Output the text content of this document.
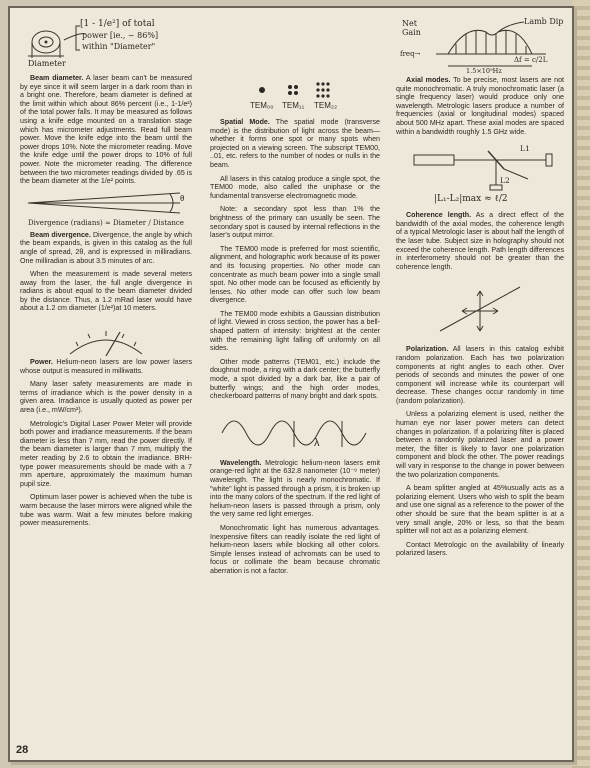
[1 - 1/e²] of total
power [ie., ~ 86%]
within "Diameter"
Diameter

Beam diameter. A laser beam can't be measured by eye since it will seem larger in a dark room than in a bright one. Therefore, beam diameter is defined at the limit within which about 86% percent (i.e., 1-1/e²) of the total power falls. It may be measured as follows using a knife edge mounted on a translation stage which has micrometer adjustments. Read full beam power. Move the knife edge into the beam until the power drops 10%. Note the micrometer reading. Move the knife edge until the power drops to 10% of full power. Note the micrometer reading. The difference between the two micrometer readings divided by .65 is the beam diameter at the 1/e² points.

θ
Divergence (radians) ≈ Diameter / Distance

Beam divergence. Divergence, the angle by which the beam expands, is given in this catalog as the full angle of spread, 2θ, and is expressed in milliradians. One milliradian is about 3.5 minutes of arc.

When the measurement is made several meters away from the laser, the full angle divergence in radians is about equal to the beam diameter divided by the distance. Thus, a 1.2 mRad laser would have about a 1.2 cm diameter (1/e²)at 10 meters.

Power. Helium-neon lasers are low power lasers whose output is measured in milliwatts.

Many laser safety measurements are made in terms of irradiance which is the power density in a given area. Irradiance is usually quoted as power per area (i.e., mW/cm²).

Metrologic's Digital Laser Power Meter will provide both power and irradiance measurements. If the beam diameter is less than 7 mm, read the power directly. If the beam diameter is larger than 7 mm, multiply the meter reading by 2.6 to obtain the irradiance. BRH-type power measurements should be made with a 7 mm aperture, approximately the maximum human pupil size.

Optimum laser power is achieved when the tube is warm because the laser mirrors were aligned while the tube was warm. Wait a few minutes before making power measurements.

TEM₀₀ TEM₁₁ TEM₂₂

Spatial Mode. The spatial mode (transverse mode) is the distribution of light across the beam—whether it forms one spot or many spots when projected on a viewing screen. The subscript TEM00, ..01, etc. refers to the number of nodes or nulls in the beam.

All lasers in this catalog produce a single spot, the TEM00 mode, also called the uniphase or the fundamental transverse electromagnetic mode.

Note: a secondary spot less than 1% the brightness of the primary can usually be seen. The secondary spot is caused by internal reflections in the laser's output mirror.

The TEM00 mode is preferred for most scientific, alignment, and holographic work because of its power and its focusing properties. No other mode can concentrate as much beam power into a single small spot. No other mode can be focused as efficiently by lenses. No other mode can offer such low beam divergence.

The TEM00 mode exhibits a Gaussian distribution of light. Viewed in cross section, the power has a bell-shaped pattern of intensity: brightest at the center with the remaining light falling off uniformly on all sides.

Other mode patterns (TEM01, etc.) include the doughnut mode, a ring with a dark center; the butterfly mode, a spot divided by a dark bar, like a pair of butterfly wings; and the high order modes, checkerboard patterns of many bright and dark spots.

λ

Wavelength. Metrologic helium-neon lasers emit orange-red light at the 632.8 nanometer (10⁻⁹ meter) wavelength. The light is nearly monochromatic. If "white" light is passed through a prism, it is broken up into the many colors of the spectrum. If the red light of helium-neon lasers is passed through a prism, only the very same red light emerges.

Monochromatic light has numerous advantages. Inexpensive filters can readily isolate the red light of helium-neon lasers while blocking all other colors. Simple lenses instead of achromats can be used to focus or collimate the beam because chromatic aberration is not a factor.

Net Gain
Lamb Dip
freq→
Δf = c/2L
1.5×10⁹Hz

Axial modes. To be precise, most lasers are not quite monochromatic. A truly monochromatic laser (a single frequency laser) would produce only one wavelength. Metrologic lasers produce a number of frequencies (axial or longitudinal modes) spaced about 500 MHz apart. These axial modes are spaced within a bandwidth roughly 1.5 GHz wide.

L1
L2
|L₁-L₂|max ≈ ℓ/2

Coherence length. As a direct effect of the bandwidth of the axial modes, the coherence length of a typical Metrologic laser is about half the length of the laser tube. Subject size in holography should not exceed the coherence length. Path length differences in interferometry should not be greater than the coherence length.

Polarization. All lasers in this catalog exhibit random polarization. Each has two polarization components at right angles to each other. Over periods of seconds and minutes the power of one component will increase while its counterpart will decrease. These changes occur randomly in time (random polarization).

Unless a polarizing element is used, neither the human eye nor laser power meters can detect changes in polarization. If a polarizing filter is placed between a randomly polarized laser and a power meter, the filter is likely to favor one polarization component and block the other. The power readings will vary in response to the change in power between the two polarization components.

A beam splitter angled at 45%usually acts as a polarizing element. Users who wish to split the beam and use one signal as a reference to the power of the other should be sure that the beam splitter is at a very small angle, 20% or less, so that the beam splitter will not act as a polarizing element.

Contact Metrologic on the availability of linearly polarized lasers.

28
